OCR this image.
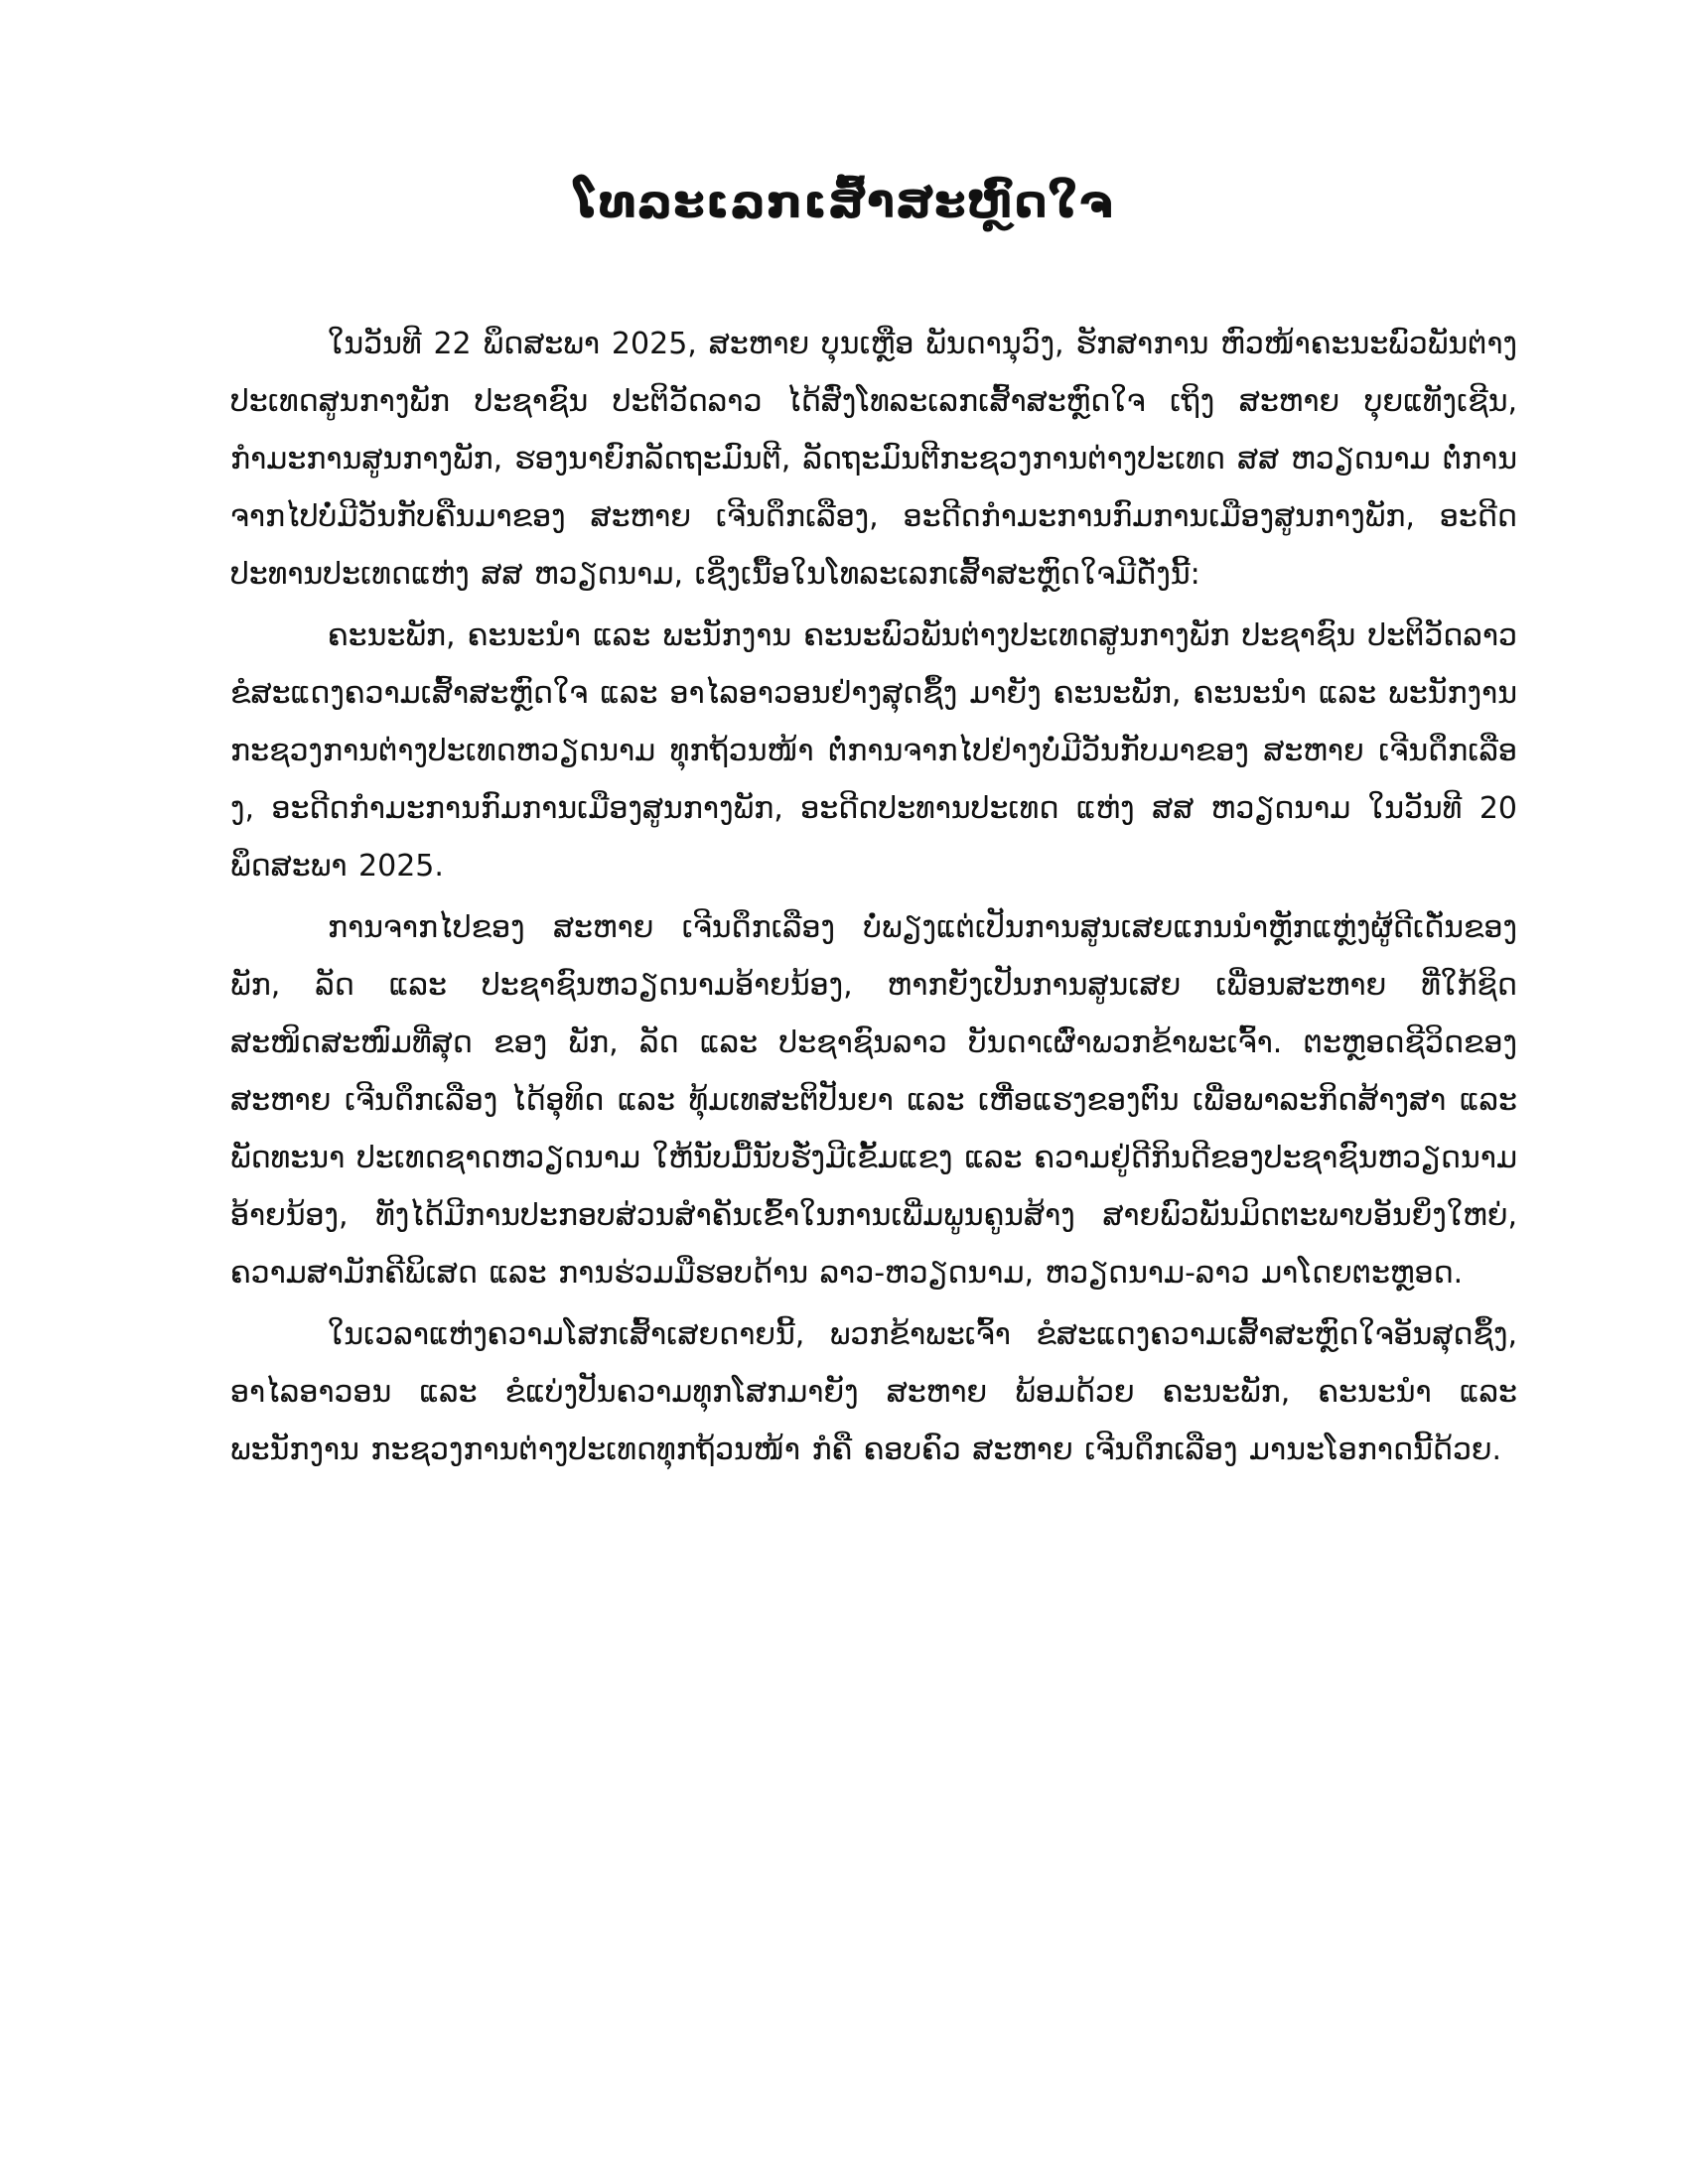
ໂທລະເລກເສົ້າສະຫຼົດໃຈ

ໃນວັນທີ 22 ພຶດສະພາ 2025, ສະຫາຍ ບຸນເຫຼືອ ພັນດານຸວົງ, ຮັກສາການ ຫົວໜ້າຄະນະພົວພັນຕ່າງປະເທດສູນກາງພັກ ປະຊາຊົນ ປະຕິວັດລາວ ໄດ້ສົ່ງໂທລະເລກເສົ້າສະຫຼົດໃຈ ເຖິງ ສະຫາຍ ບຸຍແທັງເຊີນ, ກຳມະການສູນກາງພັກ, ຮອງນາຍົກລັດຖະມົນຕີ, ລັດຖະມົນຕີກະຊວງການຕ່າງປະເທດ ສສ ຫວຽດນາມ ຕໍ່ການຈາກໄປບໍ່ມີວັນກັບຄືນມາຂອງ ສະຫາຍ ເຈີນດຶກເລືອງ, ອະດີດກຳມະການກົມການເມືອງສູນກາງພັກ, ອະດີດປະທານປະເທດແຫ່ງ ສສ ຫວຽດນາມ, ເຊິ່ງເນື້ອໃນໂທລະເລກເສົ້າສະຫຼົດໃຈມີດັ່ງນີ້:

ຄະນະພັກ, ຄະນະນຳ ແລະ ພະນັກງານ ຄະນະພົວພັນຕ່າງປະເທດສູນກາງພັກ ປະຊາຊົນ ປະຕິວັດລາວ ຂໍສະແດງຄວາມເສົ້າສະຫຼົດໃຈ ແລະ ອາໄລອາວອນຢ່າງສຸດຊຶ້ງ ມາຍັງ ຄະນະພັກ, ຄະນະນຳ ແລະ ພະນັກງານ ກະຊວງການຕ່າງປະເທດຫວຽດນາມ ທຸກຖ້ວນໜ້າ ຕໍ່ການຈາກໄປຢ່າງບໍ່ມີວັນກັບມາຂອງ ສະຫາຍ ເຈີນດຶກເລືອງ, ອະດີດກຳມະການກົມການເມືອງສູນກາງພັກ, ອະດີດປະທານປະເທດ ແຫ່ງ ສສ ຫວຽດນາມ ໃນວັນທີ 20 ພຶດສະພາ 2025.

ການຈາກໄປຂອງ ສະຫາຍ ເຈີນດຶກເລືອງ ບໍ່ພຽງແຕ່ເປັນການສູນເສຍແກນນຳຫຼັກແຫຼ່ງຜູ້ດີເດັ່ນຂອງ ພັກ, ລັດ ແລະ ປະຊາຊົນຫວຽດນາມອ້າຍນ້ອງ, ຫາກຍັງເປັນການສູນເສຍ ເພື່ອນສະຫາຍ ທີ່ໃກ້ຊິດສະໜິດສະໜົມທີ່ສຸດ ຂອງ ພັກ, ລັດ ແລະ ປະຊາຊົນລາວ ບັນດາເຜົ່າພວກຂ້າພະເຈົ້າ. ຕະຫຼອດຊີວິດຂອງ ສະຫາຍ ເຈີນດຶກເລືອງ ໄດ້ອຸທິດ ແລະ ທຸ້ມເທສະຕິປັນຍາ ແລະ ເຫື່ອແຮງຂອງຕົນ ເພື່ອພາລະກິດສ້າງສາ ແລະ ພັດທະນາ ປະເທດຊາດຫວຽດນາມ ໃຫ້ນັບມື້ນັບຮັ່ງມີເຂັ້ມແຂງ ແລະ ຄວາມຢູ່ດີກິນດີຂອງປະຊາຊົນຫວຽດນາມອ້າຍນ້ອງ, ທັງໄດ້ມີການປະກອບສ່ວນສຳຄັນເຂົ້າໃນການເພີ່ມພູນຄູນສ້າງ ສາຍພົວພັນມິດຕະພາບອັນຍິ່ງໃຫຍ່, ຄວາມສາມັກຄີພິເສດ ແລະ ການຮ່ວມມືຮອບດ້ານ ລາວ-ຫວຽດນາມ, ຫວຽດນາມ-ລາວ ມາໂດຍຕະຫຼອດ.

ໃນເວລາແຫ່ງຄວາມໂສກເສົ້າເສຍດາຍນີ້, ພວກຂ້າພະເຈົ້າ ຂໍສະແດງຄວາມເສົ້າສະຫຼົດໃຈອັນສຸດຊຶ້ງ, ອາໄລອາວອນ ແລະ ຂໍແບ່ງປັນຄວາມທຸກໂສກມາຍັງ ສະຫາຍ ພ້ອມດ້ວຍ ຄະນະພັກ, ຄະນະນຳ ແລະ ພະນັກງານ ກະຊວງການຕ່າງປະເທດທຸກຖ້ວນໜ້າ ກໍຄື ຄອບຄົວ ສະຫາຍ ເຈີນດຶກເລືອງ ມານະໂອກາດນີ້ດ້ວຍ.
